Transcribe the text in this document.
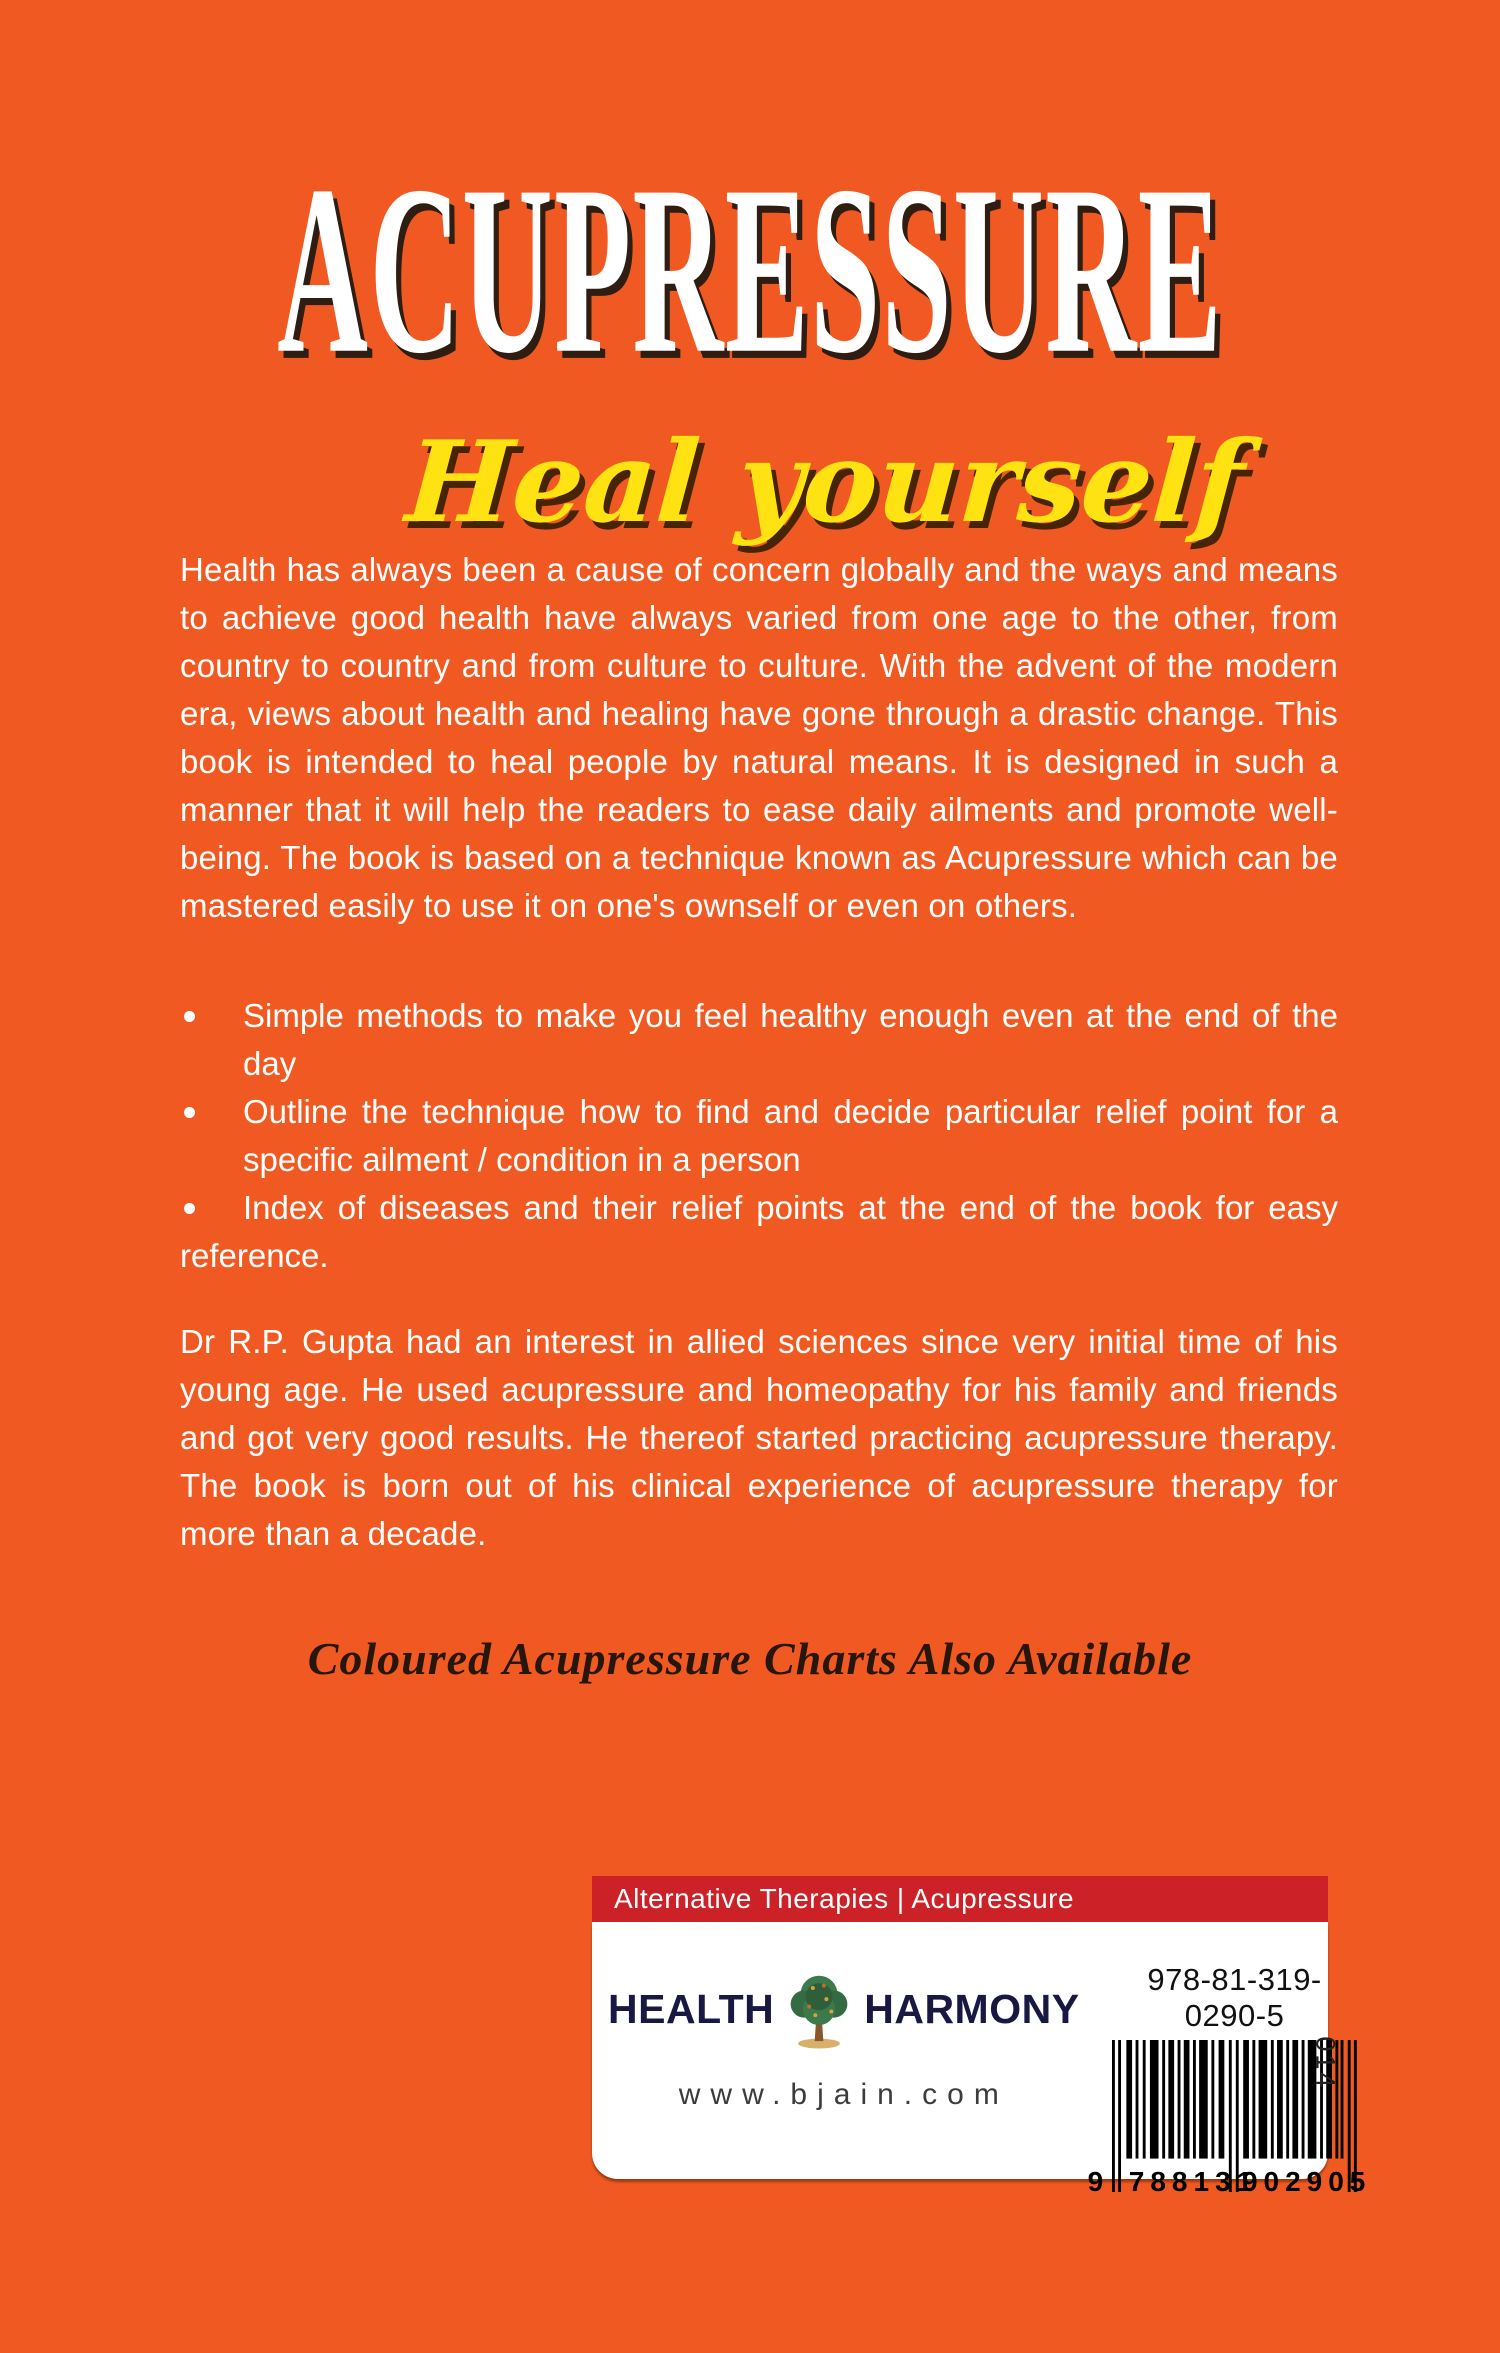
ACUPRESSURE
Heal yourself

Health has always been a cause of concern globally and the ways and means to achieve good health have always varied from one age to the other, from country to country and from culture to culture. With the advent of the modern era, views about health and healing have gone through a drastic change. This book is intended to heal people by natural means. It is designed in such a manner that it will help the readers to ease daily ailments and promote well-being. The book is based on a technique known as Acupressure which can be mastered easily to use it on one's ownself or even on others.

Simple methods to make you feel healthy enough even at the end of the day
Outline the technique how to find and decide particular relief point for a specific ailment / condition in a person
Index of diseases and their relief points at the end of the book for easy reference.

Dr R.P. Gupta had an interest in allied sciences since very initial time of his young age. He used acupressure and homeopathy for his family and friends and got very good results. He thereof started practicing acupressure therapy. The book is born out of his clinical experience of acupressure therapy for more than a decade.

Coloured Acupressure Charts Also Available
Alternative Therapies | Acupressure
HEALTH HARMONY
www.bjain.com
978-81-319-0290-5
9 788131
902905
014
